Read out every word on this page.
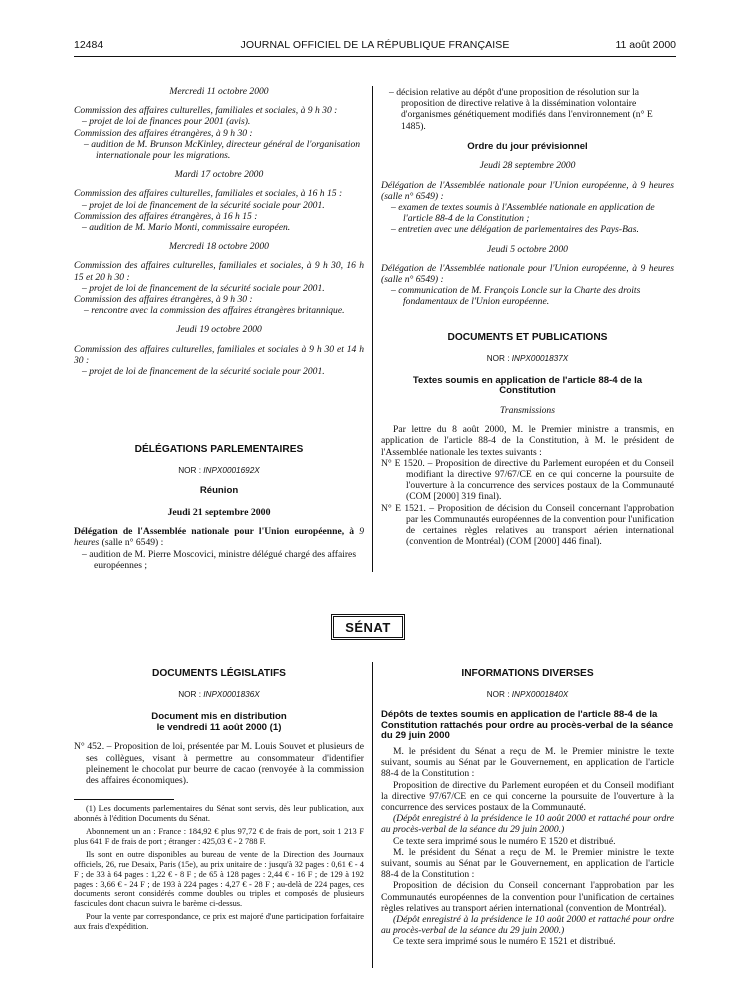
12484	JOURNAL OFFICIEL DE LA RÉPUBLIQUE FRANÇAISE	11 août 2000

Mercredi 11 octobre 2000

Commission des affaires culturelles, familiales et sociales, à 9 h 30 :

– projet de loi de finances pour 2001 (avis).

Commission des affaires étrangères, à 9 h 30 :

– audition de M. Brunson McKinley, directeur général de l'organisation internationale pour les migrations.

Mardi 17 octobre 2000

Commission des affaires culturelles, familiales et sociales, à 16 h 15 :

– projet de loi de financement de la sécurité sociale pour 2001.

Commission des affaires étrangères, à 16 h 15 :

– audition de M. Mario Monti, commissaire européen.

Mercredi 18 octobre 2000

Commission des affaires culturelles, familiales et sociales, à 9 h 30, 16 h 15 et 20 h 30 :

– projet de loi de financement de la sécurité sociale pour 2001.

Commission des affaires étrangères, à 9 h 30 :

– rencontre avec la commission des affaires étrangères britannique.

Jeudi 19 octobre 2000

Commission des affaires culturelles, familiales et sociales à 9 h 30 et 14 h 30 :

– projet de loi de financement de la sécurité sociale pour 2001.

DÉLÉGATIONS PARLEMENTAIRES

NOR : INPX0001692X

Réunion

Jeudi 21 septembre 2000

Délégation de l'Assemblée nationale pour l'Union européenne, à 9 heures (salle n° 6549) :

– audition de M. Pierre Moscovici, ministre délégué chargé des affaires européennes ;

– décision relative au dépôt d'une proposition de résolution sur la proposition de directive relative à la dissémination volontaire d'organismes génétiquement modifiés dans l'environnement (n° E 1485).

Ordre du jour prévisionnel

Jeudi 28 septembre 2000

Délégation de l'Assemblée nationale pour l'Union européenne, à 9 heures (salle n° 6549) :

– examen de textes soumis à l'Assemblée nationale en application de l'article 88-4 de la Constitution ;

– entretien avec une délégation de parlementaires des Pays-Bas.

Jeudi 5 octobre 2000

Délégation de l'Assemblée nationale pour l'Union européenne, à 9 heures (salle n° 6549) :

– communication de M. François Loncle sur la Charte des droits fondamentaux de l'Union européenne.

DOCUMENTS ET PUBLICATIONS

NOR : INPX0001837X

Textes soumis en application de l'article 88-4 de la Constitution

Transmissions

Par lettre du 8 août 2000, M. le Premier ministre a transmis, en application de l'article 88-4 de la Constitution, à M. le président de l'Assemblée nationale les textes suivants :

N° E 1520. – Proposition de directive du Parlement européen et du Conseil modifiant la directive 97/67/CE en ce qui concerne la poursuite de l'ouverture à la concurrence des services postaux de la Communauté (COM [2000] 319 final).

N° E 1521. – Proposition de décision du Conseil concernant l'approbation par les Communautés européennes de la convention pour l'unification de certaines règles relatives au transport aérien international (convention de Montréal) (COM [2000] 446 final).

SÉNAT

DOCUMENTS LÉGISLATIFS

NOR : INPX0001836X

Document mis en distribution

le vendredi 11 août 2000 (1)

N° 452. – Proposition de loi, présentée par M. Louis Souvet et plusieurs de ses collègues, visant à permettre au consommateur d'identifier pleinement le chocolat pur beurre de cacao (renvoyée à la commission des affaires économiques).

(1) Les documents parlementaires du Sénat sont servis, dès leur publication, aux abonnés à l'édition Documents du Sénat.

Abonnement un an : France : 184,92 € plus 97,72 € de frais de port, soit 1 213 F plus 641 F de frais de port ; étranger : 425,03 € - 2 788 F.

Ils sont en outre disponibles au bureau de vente de la Direction des Journaux officiels, 26, rue Desaix, Paris (15e), au prix unitaire de : jusqu'à 32 pages : 0,61 € - 4 F ; de 33 à 64 pages : 1,22 € - 8 F ; de 65 à 128 pages : 2,44 € - 16 F ; de 129 à 192 pages : 3,66 € - 24 F ; de 193 à 224 pages : 4,27 € - 28 F ; au-delà de 224 pages, ces documents seront considérés comme doubles ou triples et composés de plusieurs fascicules dont chacun suivra le barème ci-dessus.

Pour la vente par correspondance, ce prix est majoré d'une participation forfaitaire aux frais d'expédition.

INFORMATIONS DIVERSES

NOR : INPX0001840X

Dépôts de textes soumis en application de l'article 88-4 de la Constitution rattachés pour ordre au procès-verbal de la séance du 29 juin 2000

M. le président du Sénat a reçu de M. le Premier ministre le texte suivant, soumis au Sénat par le Gouvernement, en application de l'article 88-4 de la Constitution :

Proposition de directive du Parlement européen et du Conseil modifiant la directive 97/67/CE en ce qui concerne la poursuite de l'ouverture à la concurrence des services postaux de la Communauté.

(Dépôt enregistré à la présidence le 10 août 2000 et rattaché pour ordre au procès-verbal de la séance du 29 juin 2000.)

Ce texte sera imprimé sous le numéro E 1520 et distribué.

M. le président du Sénat a reçu de M. le Premier ministre le texte suivant, soumis au Sénat par le Gouvernement, en application de l'article 88-4 de la Constitution :

Proposition de décision du Conseil concernant l'approbation par les Communautés européennes de la convention pour l'unification de certaines règles relatives au transport aérien international (convention de Montréal).

(Dépôt enregistré à la présidence le 10 août 2000 et rattaché pour ordre au procès-verbal de la séance du 29 juin 2000.)

Ce texte sera imprimé sous le numéro E 1521 et distribué.
